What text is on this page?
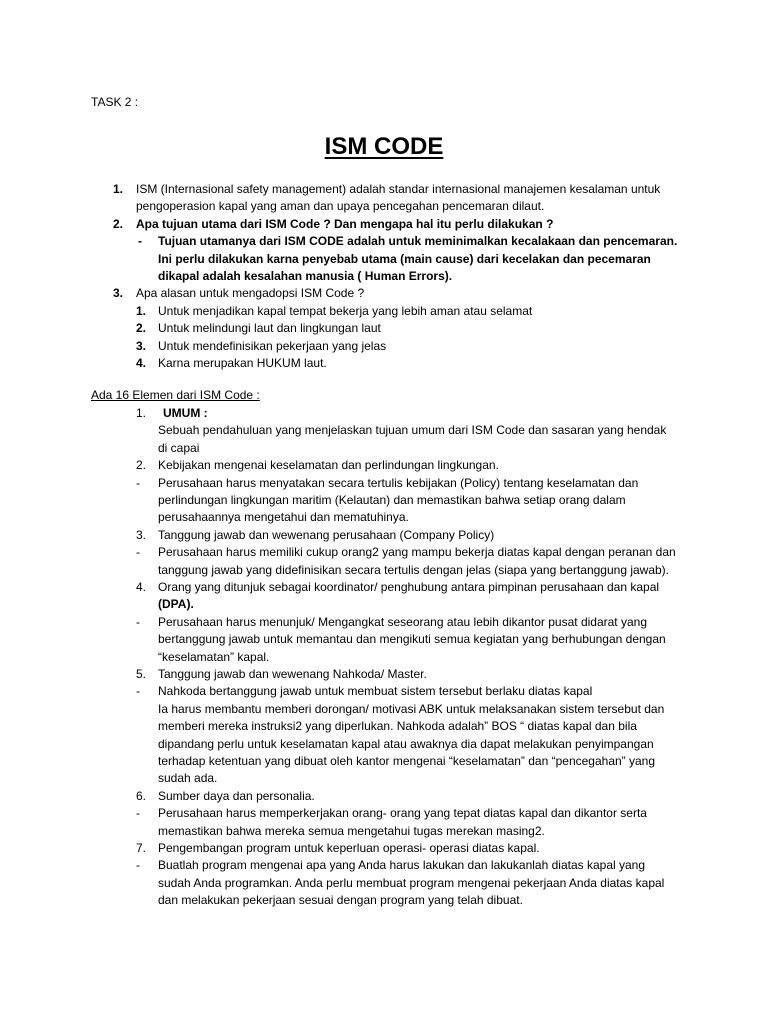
TASK 2 :
ISM CODE
1. ISM (Internasional safety management) adalah standar internasional manajemen kesalaman untuk pengoperasion kapal yang aman dan upaya pencegahan pencemaran dilaut.
2. Apa tujuan utama dari ISM Code ? Dan mengapa hal itu perlu dilakukan ?
- Tujuan utamanya dari ISM CODE adalah untuk meminimalkan kecalakaan dan pencemaran. Ini perlu dilakukan karna penyebab utama (main cause) dari kecelakan dan pecemaran dikapal adalah kesalahan manusia ( Human Errors).
3. Apa alasan untuk mengadopsi ISM Code ?
1. Untuk menjadikan kapal tempat bekerja yang lebih aman atau selamat
2. Untuk melindungi laut dan lingkungan laut
3. Untuk mendefinisikan pekerjaan yang jelas
4. Karna merupakan HUKUM laut.
Ada 16 Elemen dari ISM Code :
1. UMUM :
Sebuah pendahuluan yang menjelaskan tujuan umum dari ISM Code dan sasaran yang hendak di capai
2. Kebijakan mengenai keselamatan dan perlindungan lingkungan.
- Perusahaan harus menyatakan secara tertulis kebijakan (Policy) tentang keselamatan dan perlindungan lingkungan maritim (Kelautan) dan memastikan bahwa setiap orang dalam perusahaannya mengetahui dan mematuhinya.
3. Tanggung jawab dan wewenang perusahaan (Company Policy)
- Perusahaan harus memiliki cukup orang2 yang mampu bekerja diatas kapal dengan peranan dan tanggung jawab yang didefinisikan secara tertulis dengan jelas (siapa yang bertanggung jawab).
4. Orang yang ditunjuk sebagai koordinator/ penghubung antara pimpinan perusahaan dan kapal (DPA).
- Perusahaan harus menunjuk/ Mengangkat seseorang atau lebih dikantor pusat didarat yang bertanggung jawab untuk memantau dan mengikuti semua kegiatan yang berhubungan dengan “keselamatan” kapal.
5. Tanggung jawab dan wewenang Nahkoda/ Master.
- Nahkoda bertanggung jawab untuk membuat sistem tersebut berlaku diatas kapal
Ia harus membantu memberi dorongan/ motivasi ABK untuk melaksanakan sistem tersebut dan memberi mereka instruksi2 yang diperlukan. Nahkoda adalah” BOS “ diatas kapal dan bila dipandang perlu untuk keselamatan kapal atau awaknya dia dapat melakukan penyimpangan terhadap ketentuan yang dibuat oleh kantor mengenai “keselamatan” dan “pencegahan” yang sudah ada.
6. Sumber daya dan personalia.
- Perusahaan harus memperkerjakan orang- orang yang tepat diatas kapal dan dikantor serta memastikan bahwa mereka semua mengetahui tugas merekan masing2.
7. Pengembangan program untuk keperluan operasi- operasi diatas kapal.
- Buatlah program mengenai apa yang Anda harus lakukan dan lakukanlah diatas kapal yang sudah Anda programkan. Anda perlu membuat program mengenai pekerjaan Anda diatas kapal dan melakukan pekerjaan sesuai dengan program yang telah dibuat.
